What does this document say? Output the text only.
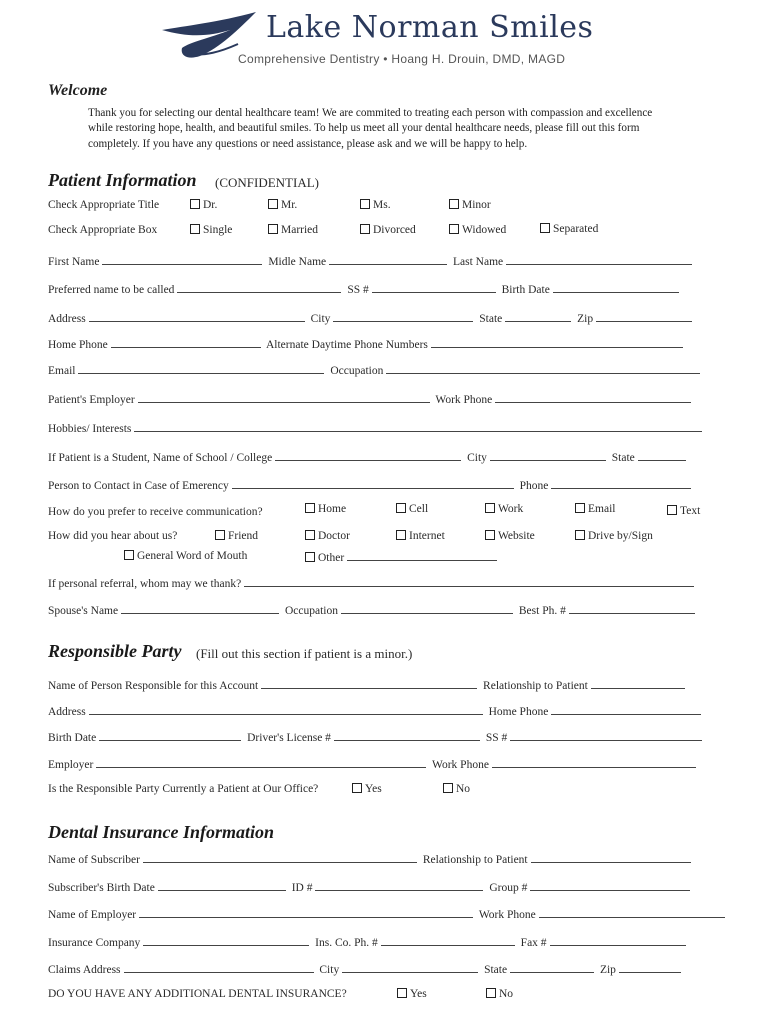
Lake Norman Smiles
Comprehensive Dentistry • Hoang H. Drouin, DMD, MAGD
Welcome
Thank you for selecting our dental healthcare team! We are commited to treating each person with compassion and excellence while restoring hope, health, and beautiful smiles. To help us meet all your dental healthcare needs, please fill out this form completely. If you have any questions or need assistance, please ask and we will be happy to help.
Patient Information (CONFIDENTIAL)
Check Appropriate Title	Dr.	Mr.	Ms.	Minor
Check Appropriate Box	Single	Married	Divorced	Widowed	Separated
First Name	Midle Name	Last Name
Preferred name to be called	SS #	Birth Date
Address	City	State	Zip
Home Phone	Alternate Daytime Phone Numbers
Email	Occupation
Patient's Employer	Work Phone
Hobbies/ Interests
If Patient is a Student, Name of School / College	City	State
Person to Contact in Case of Emerency	Phone
How do you prefer to receive communication?	Home	Cell	Work	Email	Text
How did you hear about us?	Friend	Doctor	Internet	Website	Drive by/Sign
General Word of Mouth	Other
If personal referral, whom may we thank?
Spouse's Name	Occupation	Best Ph. #
Responsible Party (Fill out this section if patient is a minor.)
Name of Person Responsible for this Account	Relationship to Patient
Address	Home Phone
Birth Date	Driver's License #	SS #
Employer	Work Phone
Is the Responsible Party Currently a Patient at Our Office?	Yes	No
Dental Insurance Information
Name of Subscriber	Relationship to Patient
Subscriber's Birth Date	ID #	Group #
Name of Employer	Work Phone
Insurance Company	Ins. Co. Ph. #	Fax #
Claims Address	City	State	Zip
DO YOU HAVE ANY ADDITIONAL DENTAL INSURANCE?	Yes	No
